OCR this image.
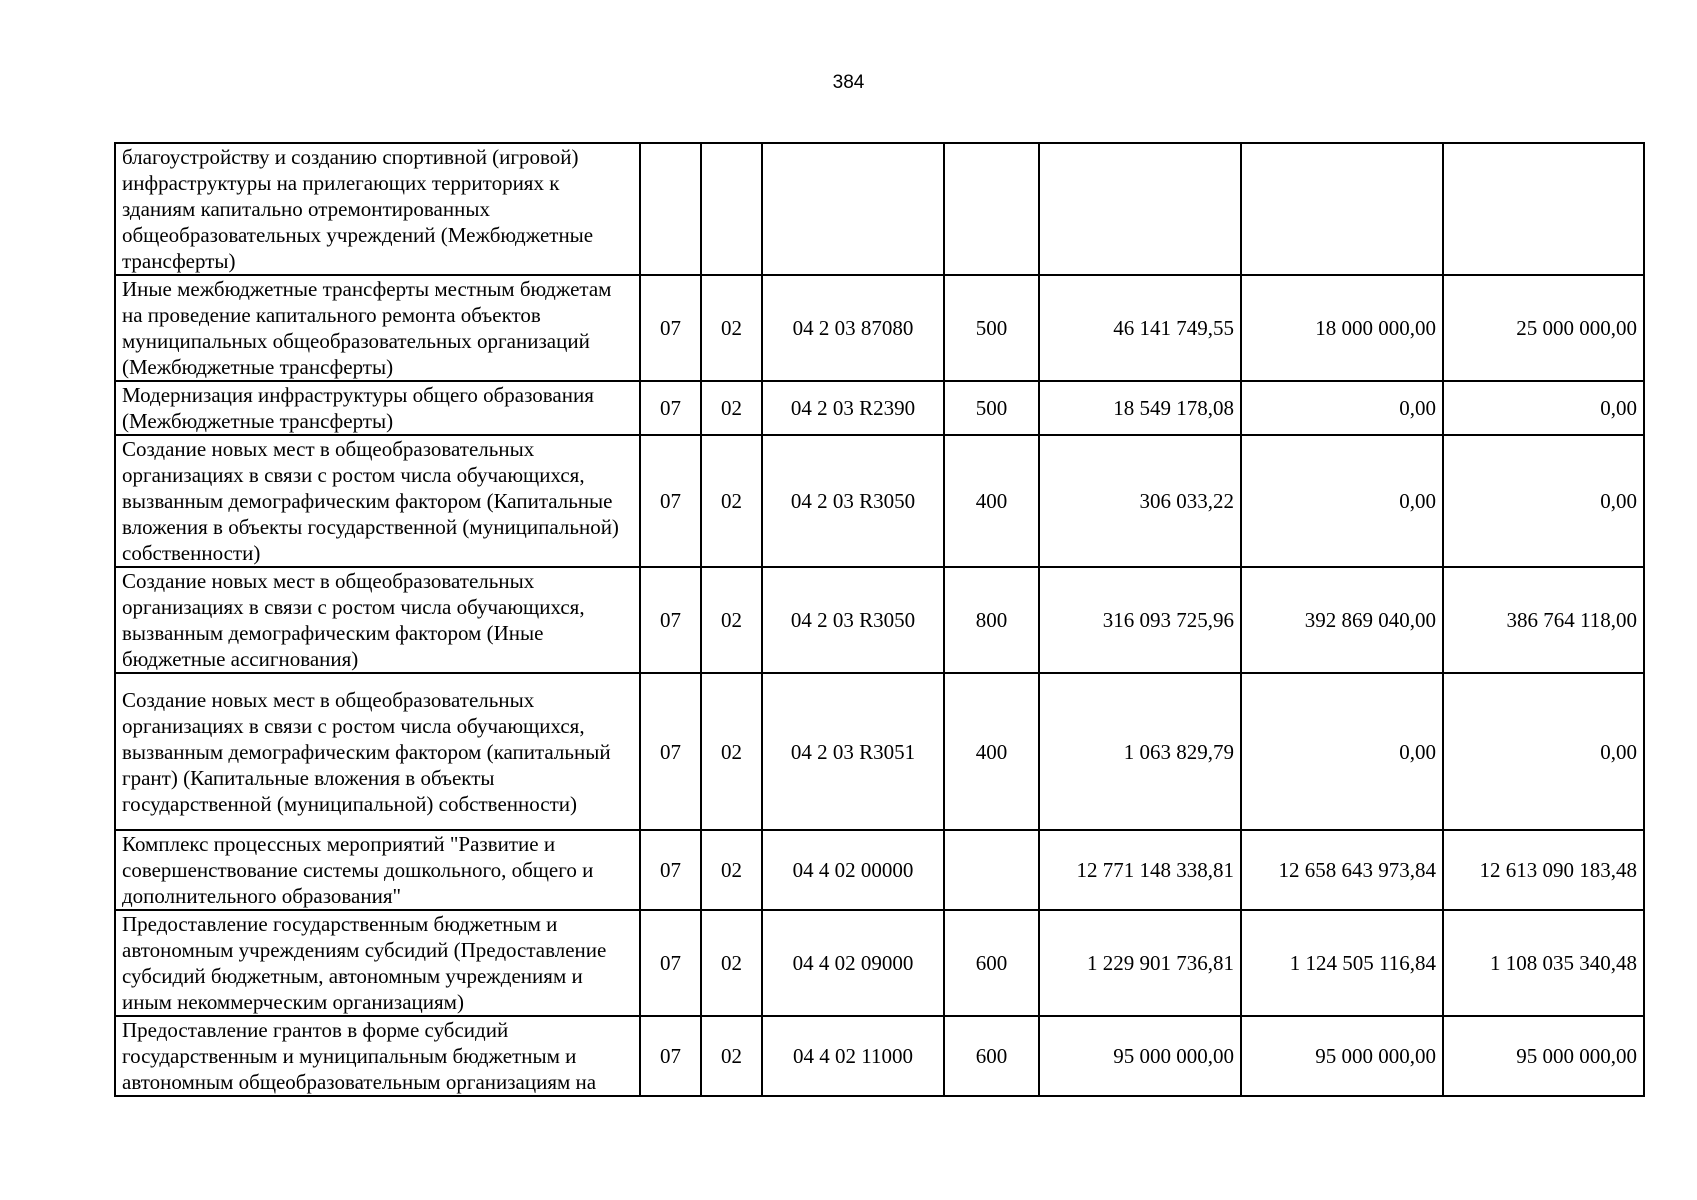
384
благоустройству и созданию спортивной (игровой) инфраструктуры на прилегающих территориях к зданиям капитально отремонтированных общеобразовательных учреждений (Межбюджетные трансферты)							
Иные межбюджетные трансферты местным бюджетам на проведение капитального ремонта объектов муниципальных общеобразовательных организаций (Межбюджетные трансферты)	07	02	04 2 03 87080	500	46 141 749,55	18 000 000,00	25 000 000,00
Модернизация инфраструктуры общего образования (Межбюджетные трансферты)	07	02	04 2 03 R2390	500	18 549 178,08	0,00	0,00
Создание новых мест в общеобразовательных организациях в связи с ростом числа обучающихся, вызванным демографическим фактором (Капитальные вложения в объекты государственной (муниципальной) собственности)	07	02	04 2 03 R3050	400	306 033,22	0,00	0,00
Создание новых мест в общеобразовательных организациях в связи с ростом числа обучающихся, вызванным демографическим фактором (Иные бюджетные ассигнования)	07	02	04 2 03 R3050	800	316 093 725,96	392 869 040,00	386 764 118,00
Создание новых мест в общеобразовательных организациях в связи с ростом числа обучающихся, вызванным демографическим фактором (капитальный грант) (Капитальные вложения в объекты государственной (муниципальной) собственности)	07	02	04 2 03 R3051	400	1 063 829,79	0,00	0,00
Комплекс процессных мероприятий "Развитие и совершенствование системы дошкольного, общего и дополнительного образования"	07	02	04 4 02 00000		12 771 148 338,81	12 658 643 973,84	12 613 090 183,48
Предоставление государственным бюджетным и автономным учреждениям субсидий (Предоставление субсидий бюджетным, автономным учреждениям и иным некоммерческим организациям)	07	02	04 4 02 09000	600	1 229 901 736,81	1 124 505 116,84	1 108 035 340,48
Предоставление грантов в форме субсидий государственным и муниципальным бюджетным и автономным общеобразовательным организациям на	07	02	04 4 02 11000	600	95 000 000,00	95 000 000,00	95 000 000,00
